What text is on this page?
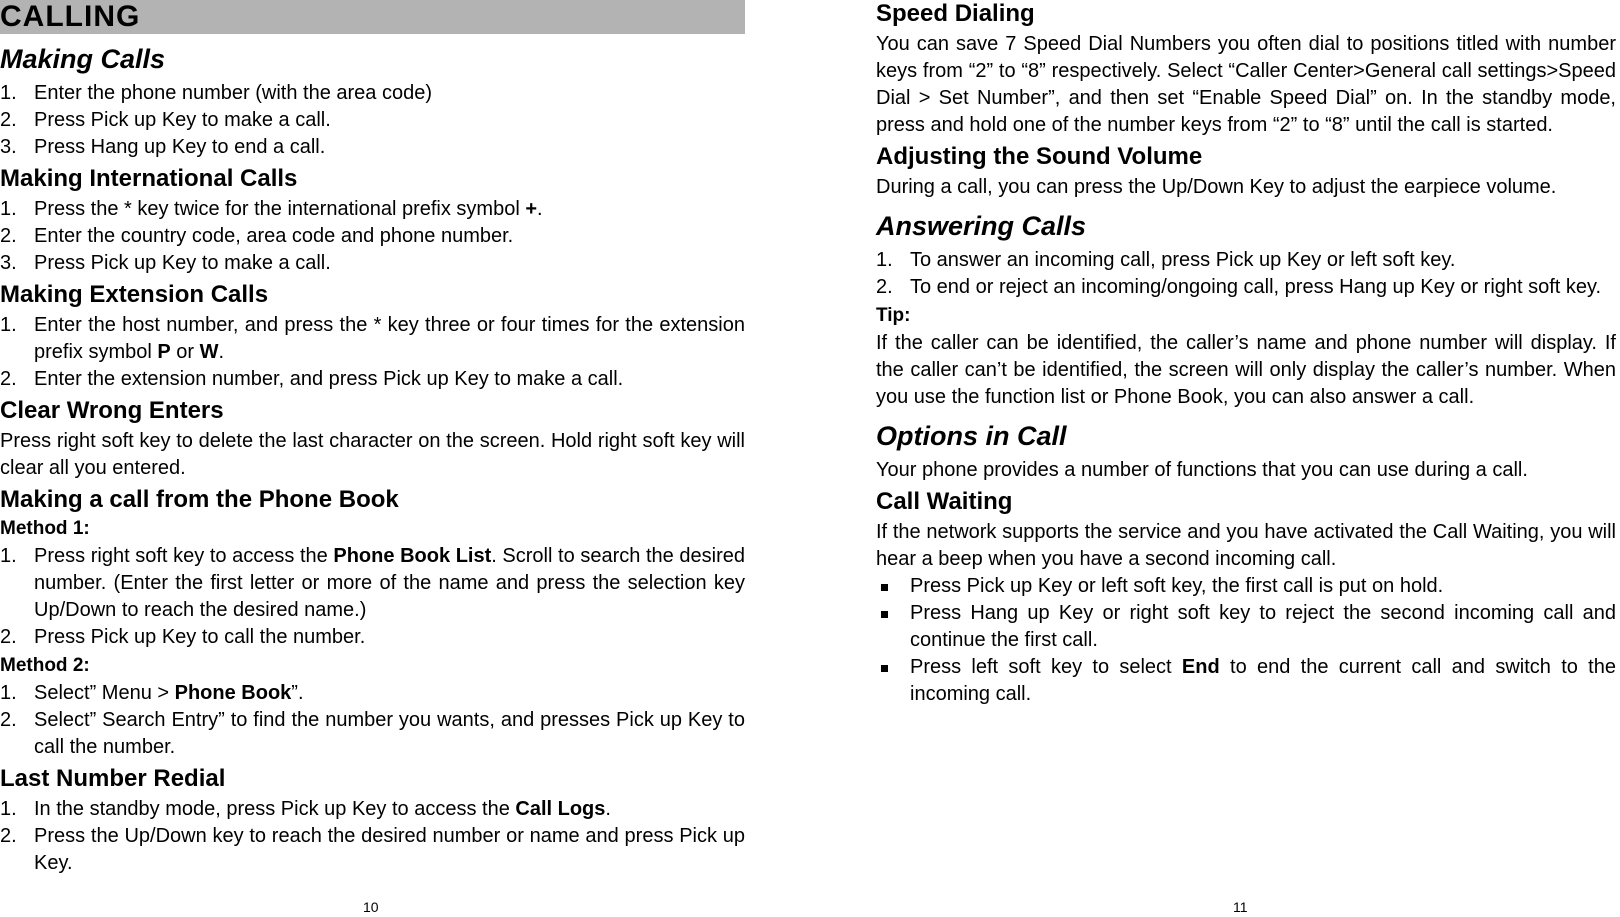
CALLING
Making Calls
1. Enter the phone number (with the area code)
2. Press Pick up Key to make a call.
3. Press Hang up Key to end a call.
Making International Calls
1. Press the * key twice for the international prefix symbol +.
2. Enter the country code, area code and phone number.
3. Press Pick up Key to make a call.
Making Extension Calls
1. Enter the host number, and press the * key three or four times for the extension prefix symbol P or W.
2. Enter the extension number, and press Pick up Key to make a call.
Clear Wrong Enters

Press right soft key to delete the last character on the screen. Hold right soft key will clear all you entered.

Making a call from the Phone Book
Method 1:
1. Press right soft key to access the Phone Book List. Scroll to search the desired number. (Enter the first letter or more of the name and press the selection key Up/Down to reach the desired name.)
2. Press Pick up Key to call the number.
Method 2:
1. Select” Menu > Phone Book”.
2. Select” Search Entry” to find the number you wants, and presses Pick up Key to call the number.
Last Number Redial
1. In the standby mode, press Pick up Key to access the Call Logs.
2. Press the Up/Down key to reach the desired number or name and press Pick up Key.
10
Speed Dialing

You can save 7 Speed Dial Numbers you often dial to positions titled with number keys from “2” to “8” respectively. Select “Caller Center>General call settings>Speed Dial > Set Number”, and then set “Enable Speed Dial” on. In the standby mode, press and hold one of the number keys from “2” to “8” until the call is started.

Adjusting the Sound Volume

During a call, you can press the Up/Down Key to adjust the earpiece volume.

Answering Calls
1. To answer an incoming call, press Pick up Key or left soft key.
2. To end or reject an incoming/ongoing call, press Hang up Key or right soft key.
Tip:

If the caller can be identified, the caller’s name and phone number will display. If the caller can’t be identified, the screen will only display the caller’s number. When you use the function list or Phone Book, you can also answer a call.

Options in Call

Your phone provides a number of functions that you can use during a call.

Call Waiting

If the network supports the service and you have activated the Call Waiting, you will hear a beep when you have a second incoming call.

Press Pick up Key or left soft key, the first call is put on hold.
Press Hang up Key or right soft key to reject the second incoming call and continue the first call.
Press left soft key to select End to end the current call and switch to the incoming call.
11
